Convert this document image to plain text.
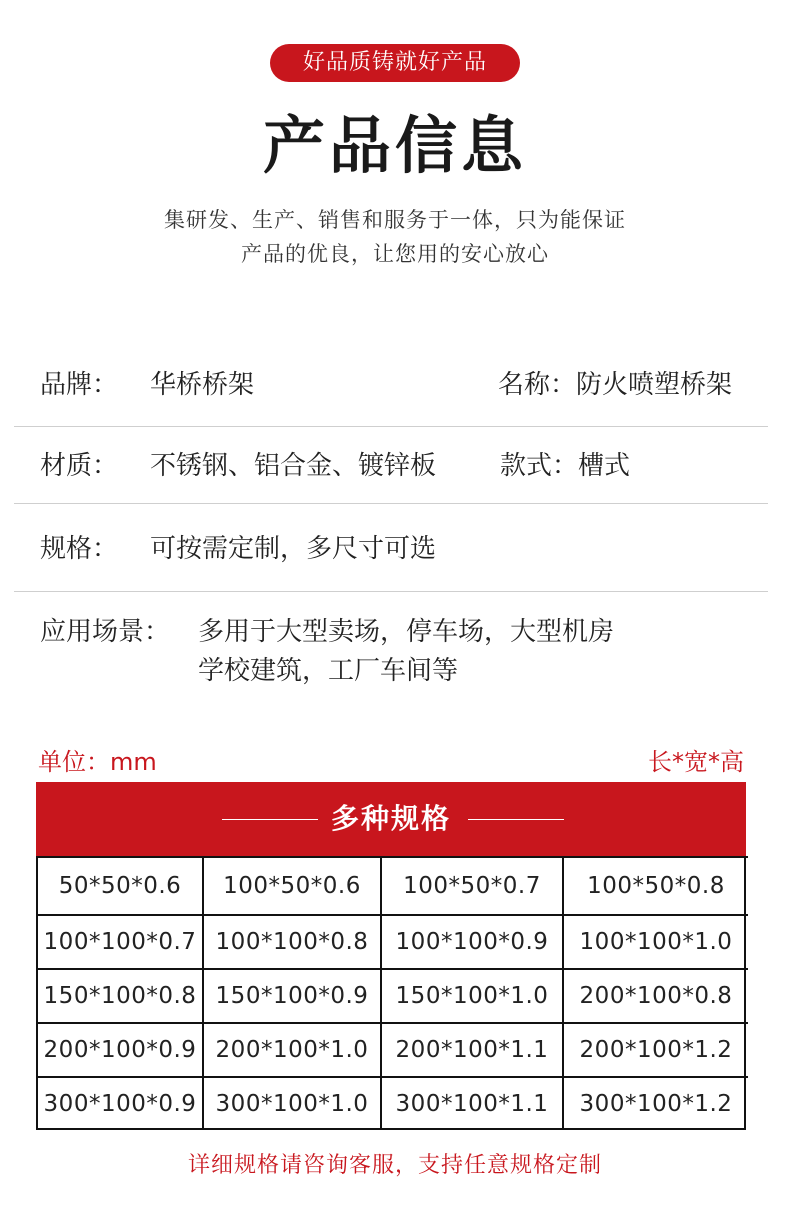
好品质铸就好产品
产品信息
集研发、生产、销售和服务于一体，只为能保证
产品的优良，让您用的安心放心
品牌： 华桥桥架	名称：防火喷塑桥架
材质： 不锈钢、铝合金、镀锌板 款式：槽式
规格： 可按需定制，多尺寸可选
应用场景： 多用于大型卖场，停车场，大型机房
学校建筑，工厂车间等
单位：mm	长*宽*高
多种规格
50*50*0.6	100*50*0.6	100*50*0.7	100*50*0.8
100*100*0.7 100*100*0.8	100*100*0.9	100*100*1.0
150*100*0.8 150*100*0.9	150*100*1.0	200*100*0.8
200*100*0.9 200*100*1.0	200*100*1.1	200*100*1.2
300*100*0.9 300*100*1.0	300*100*1.1	300*100*1.2
详细规格请咨询客服，支持任意规格定制
